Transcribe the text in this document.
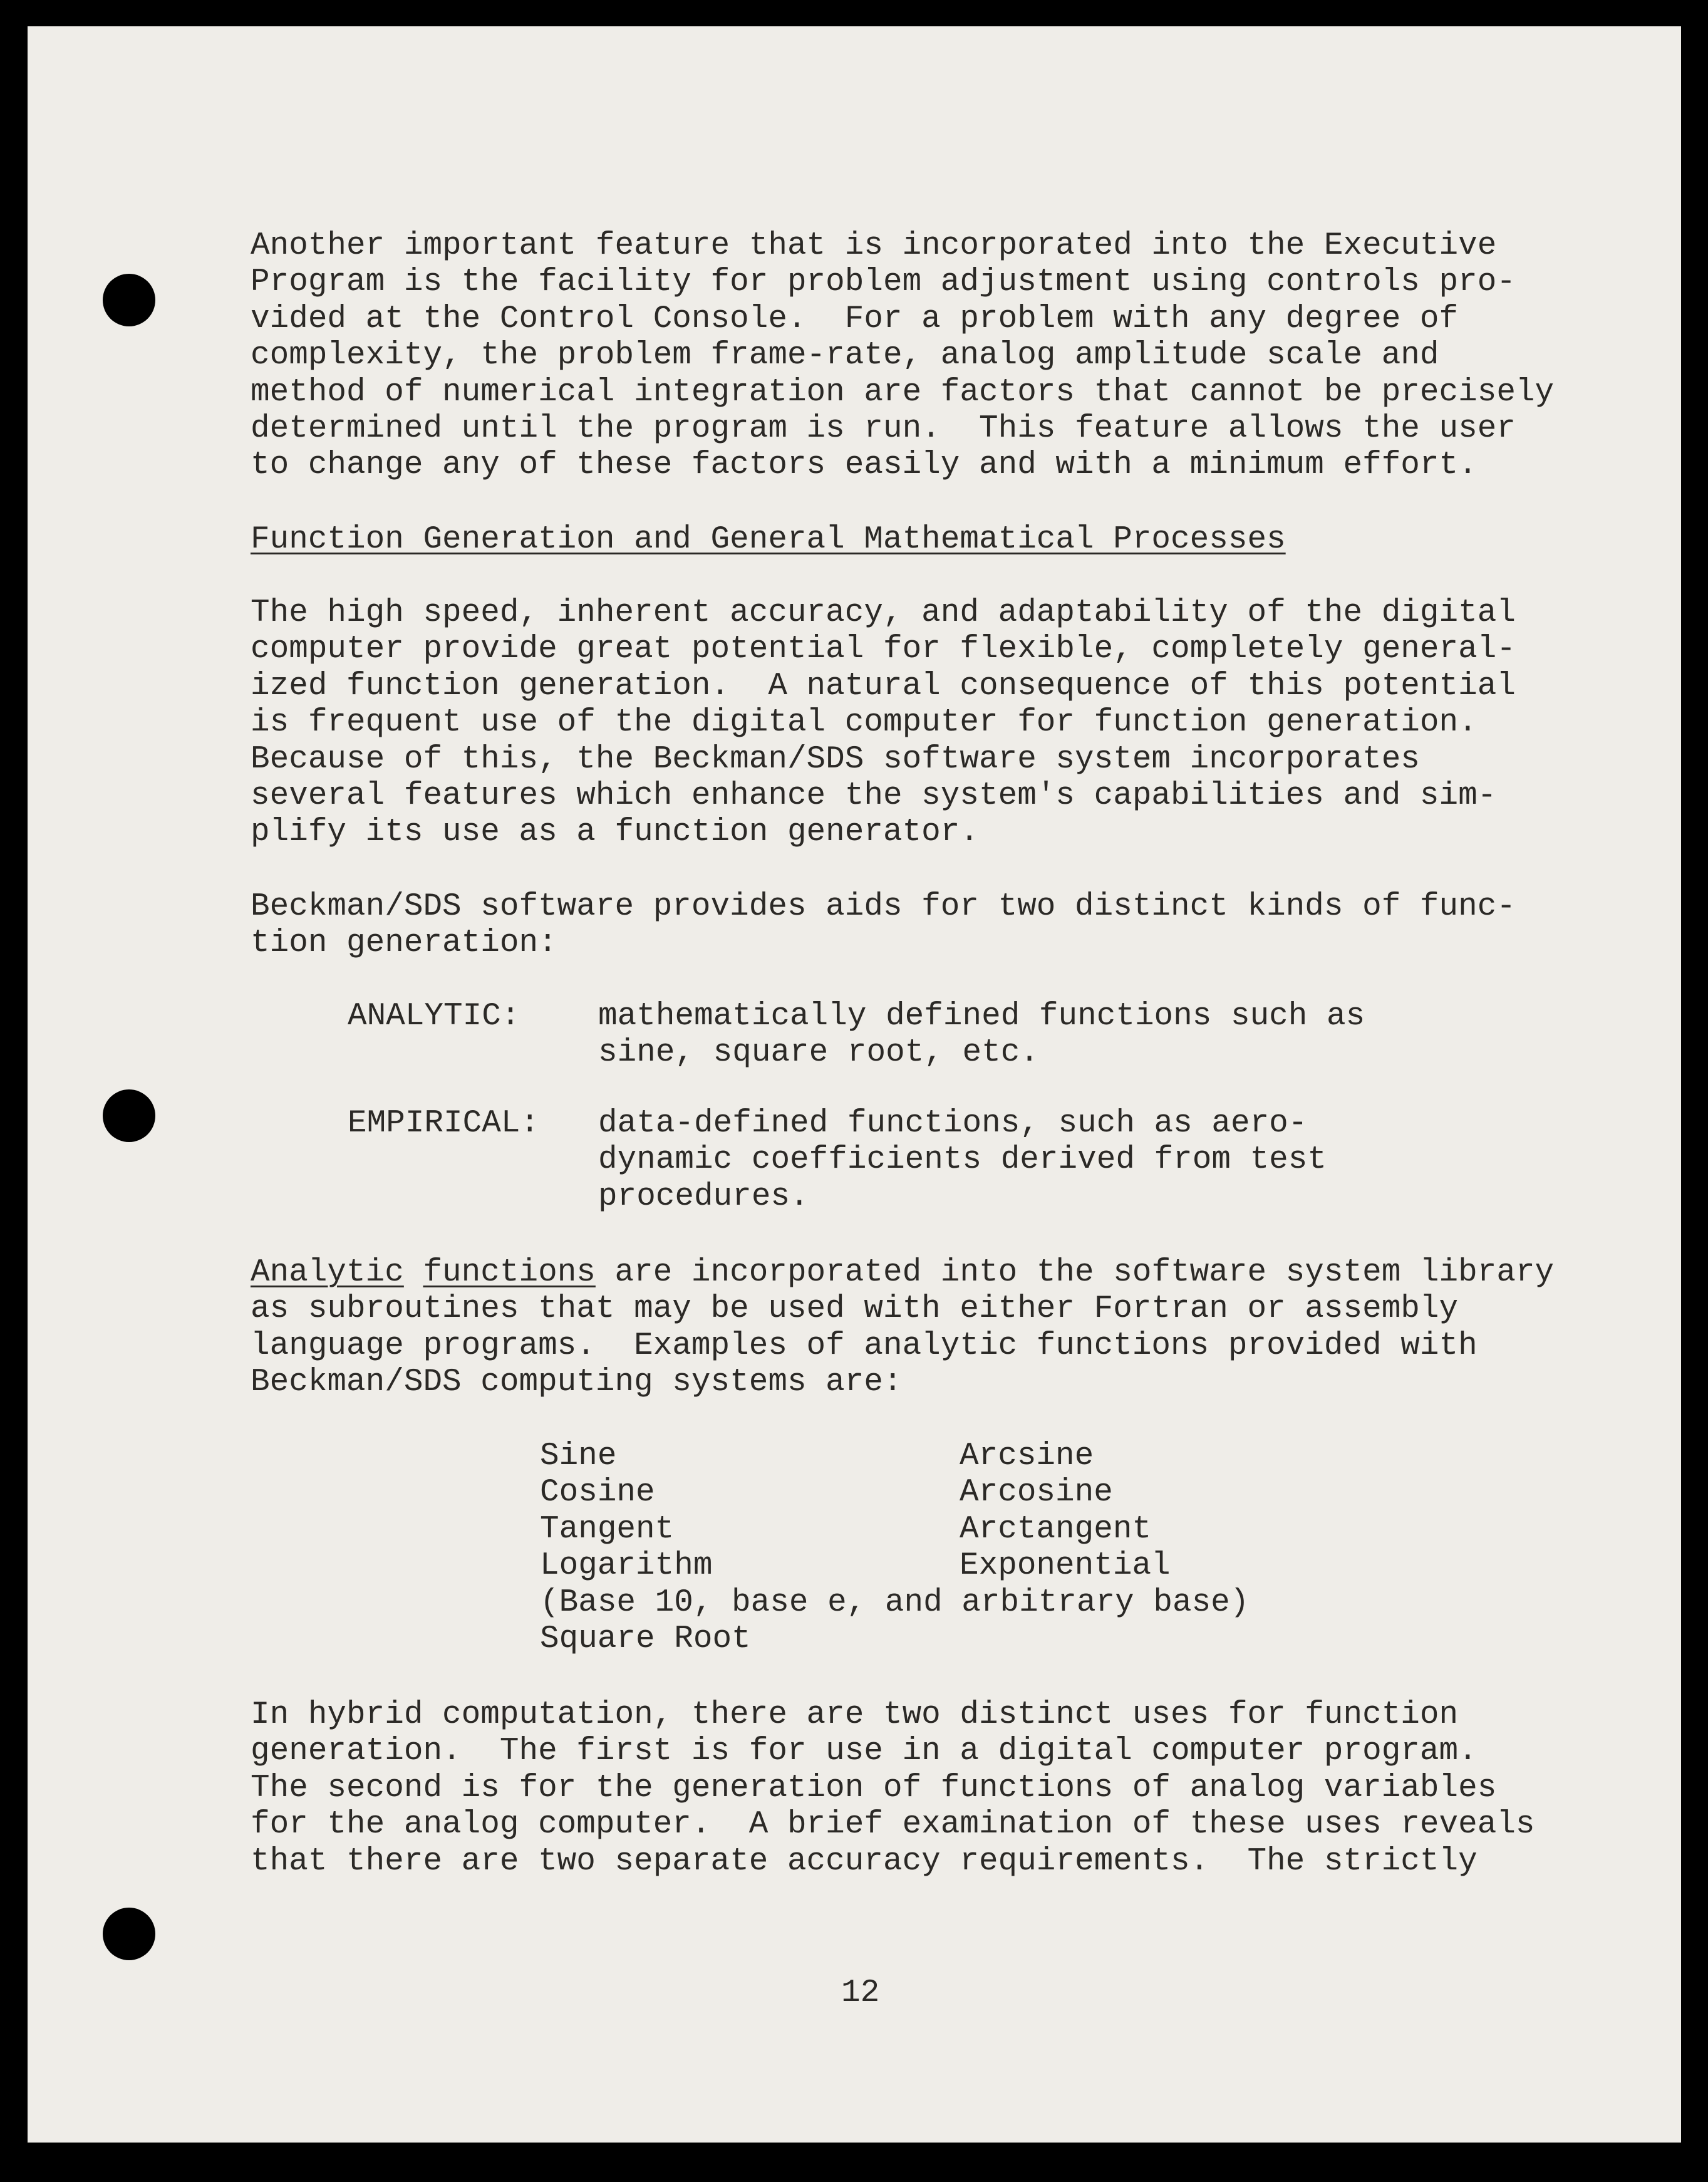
Another important feature that is incorporated into the Executive
Program is the facility for problem adjustment using controls pro-
vided at the Control Console.  For a problem with any degree of
complexity, the problem frame-rate, analog amplitude scale and
method of numerical integration are factors that cannot be precisely
determined until the program is run.  This feature allows the user
to change any of these factors easily and with a minimum effort.
Function Generation and General Mathematical Processes
The high speed, inherent accuracy, and adaptability of the digital
computer provide great potential for flexible, completely general-
ized function generation.  A natural consequence of this potential
is frequent use of the digital computer for function generation.
Because of this, the Beckman/SDS software system incorporates
several features which enhance the system's capabilities and sim-
plify its use as a function generator.
Beckman/SDS software provides aids for two distinct kinds of func-
tion generation:
ANALYTIC: mathematically defined functions such as
sine, square root, etc.
EMPIRICAL: data-defined functions, such as aero-
dynamic coefficients derived from test
procedures.
Analytic functions are incorporated into the software system library
as subroutines that may be used with either Fortran or assembly
language programs.  Examples of analytic functions provided with
Beckman/SDS computing systems are:
Sine
Cosine
Tangent
Logarithm
Arcsine
Arcosine
Arctangent
Exponential
(Base 10, base e, and arbitrary base)
Square Root
In hybrid computation, there are two distinct uses for function
generation.  The first is for use in a digital computer program.
The second is for the generation of functions of analog variables
for the analog computer.  A brief examination of these uses reveals
that there are two separate accuracy requirements.  The strictly
12
